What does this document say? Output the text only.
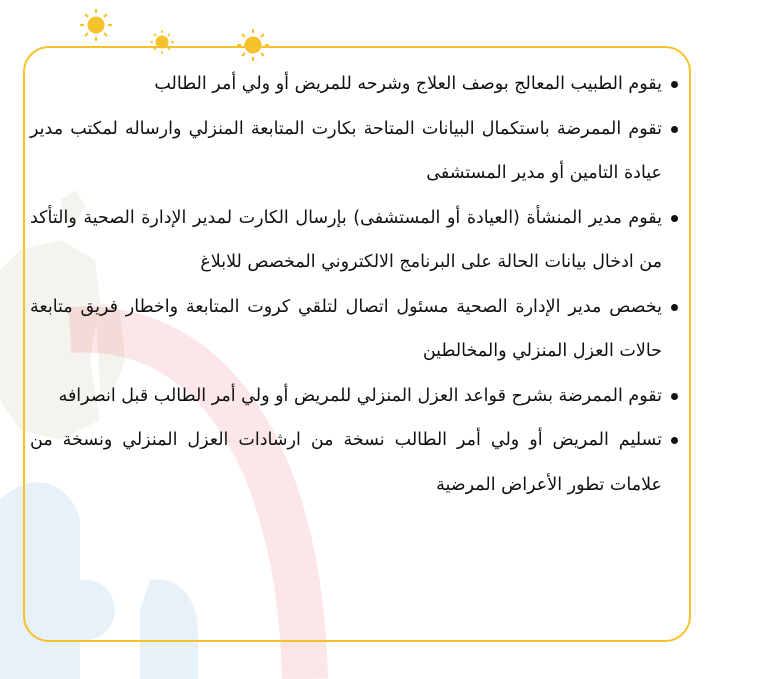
يقوم الطبيب المعالج بوصف العلاج وشرحه للمريض أو ولي أمر الطالب

تقوم الممرضة باستكمال البيانات المتاحة بكارت المتابعة المنزلي وارساله لمكتب مدير عيادة التامين أو مدير المستشفى

يقوم مدير المنشأة (العيادة أو المستشفى) بإرسال الكارت لمدير الإدارة الصحية والتأكد من ادخال بيانات الحالة على البرنامج الالكتروني المخصص للابلاغ

يخصص مدير الإدارة الصحية مسئول اتصال لتلقي كروت المتابعة واخطار فريق متابعة حالات العزل المنزلي والمخالطين

تقوم الممرضة بشرح قواعد العزل المنزلي للمريض أو ولي أمر الطالب قبل انصرافه

تسليم المريض أو ولي أمر الطالب نسخة من ارشادات العزل المنزلي ونسخة من علامات تطور الأعراض المرضية
